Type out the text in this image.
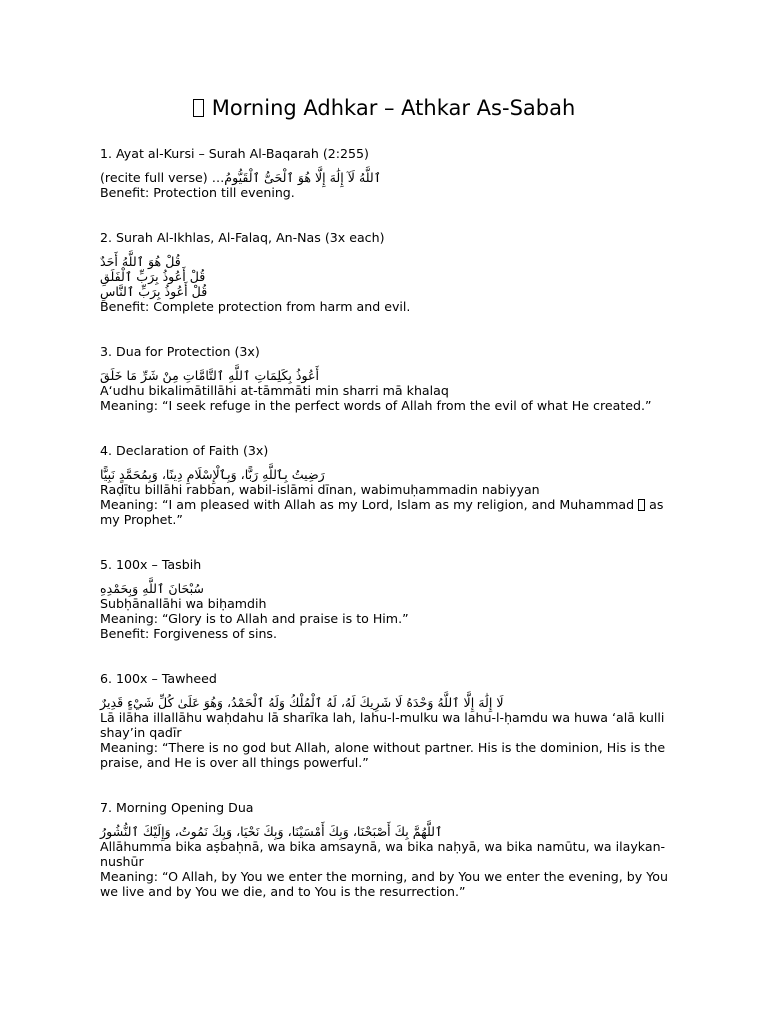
Morning Adhkar – Athkar As-Sabah
1. Ayat al-Kursi – Surah Al-Baqarah (2:255)
ٱللَّهُ لَآ إِلَٰهَ إِلَّا هُوَ ٱلْحَىُّ ٱلْقَيُّومُ… (recite full verse)
Benefit: Protection till evening.
2. Surah Al-Ikhlas, Al-Falaq, An-Nas (3x each)
قُلْ هُوَ ٱللَّهُ أَحَدٌ
قُلْ أَعُوذُ بِرَبِّ ٱلْفَلَقِ
قُلْ أَعُوذُ بِرَبِّ ٱلنَّاسِ
Benefit: Complete protection from harm and evil.
3. Dua for Protection (3x)
أَعُوذُ بِكَلِمَاتِ ٱللَّهِ ٱلتَّامَّاتِ مِنْ شَرِّ مَا خَلَقَ
A‘udhu bikalimātillāhi at-tāmmāti min sharri mā khalaq
Meaning: “I seek refuge in the perfect words of Allah from the evil of what He created.”
4. Declaration of Faith (3x)
رَضِيتُ بِٱللَّهِ رَبًّا، وَبِٱلْإِسْلَامِ دِينًا، وَبِمُحَمَّدٍ نَبِيًّا
Raḍītu billāhi rabban, wabil-islāmi dīnan, wabimuḥammadin nabiyyan
Meaning: “I am pleased with Allah as my Lord, Islam as my religion, and Muhammad  as my Prophet.”
5. 100x – Tasbih
سُبْحَانَ ٱللَّهِ وَبِحَمْدِهِ
Subḥānallāhi wa biḥamdih
Meaning: “Glory is to Allah and praise is to Him.”
Benefit: Forgiveness of sins.
6. 100x – Tawheed
لَا إِلَٰهَ إِلَّا ٱللَّهُ وَحْدَهُ لَا شَرِيكَ لَهُ، لَهُ ٱلْمُلْكُ وَلَهُ ٱلْحَمْدُ، وَهُوَ عَلَىٰ كُلِّ شَيْءٍ قَدِيرٌ
Lā ilāha illallāhu waḥdahu lā sharīka lah, lahu-l-mulku wa lahu-l-ḥamdu wa huwa ‘alā kulli shay’in qadīr
Meaning: “There is no god but Allah, alone without partner. His is the dominion, His is the praise, and He is over all things powerful.”
7. Morning Opening Dua
ٱللَّهُمَّ بِكَ أَصْبَحْنَا، وَبِكَ أَمْسَيْنَا، وَبِكَ نَحْيَا، وَبِكَ نَمُوتُ، وَإِلَيْكَ ٱلنُّشُورُ
Allāhumma bika aṣbaḥnā, wa bika amsaynā, wa bika naḥyā, wa bika namūtu, wa ilaykan-nushūr
Meaning: “O Allah, by You we enter the morning, and by You we enter the evening, by You we live and by You we die, and to You is the resurrection.”
